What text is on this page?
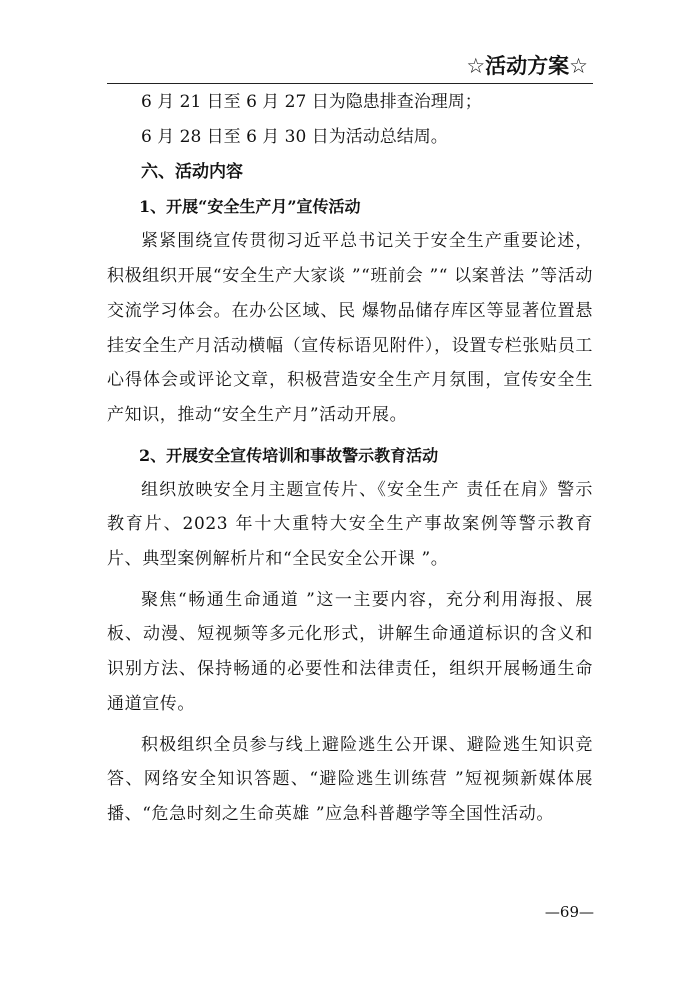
☆活动方案☆

6 月 21 日至 6 月 27 日为隐患排查治理周；

6 月 28 日至 6 月 30 日为活动总结周。

六、活动内容

1、开展“安全生产月”宣传活动

紧紧围绕宣传贯彻习近平总书记关于安全生产重要论述，积极组织开展“安全生产大家谈 ”“班前会 ”“ 以案普法 ”等活动交流学习体会。在办公区域、民 爆物品储存库区等显著位置悬挂安全生产月活动横幅（宣传标语见附件），设置专栏张贴员工心得体会或评论文章，积极营造安全生产月氛围，宣传安全生产知识，推动“安全生产月”活动开展。

2、开展安全宣传培训和事故警示教育活动

组织放映安全月主题宣传片、《安全生产 责任在肩》警示教育片、2023 年十大重特大安全生产事故案例等警示教育片、典型案例解析片和“全民安全公开课 ”。

聚焦“畅通生命通道 ”这一主要内容，充分利用海报、展板、动漫、短视频等多元化形式，讲解生命通道标识的含义和识别方法、保持畅通的必要性和法律责任，组织开展畅通生命通道宣传。

积极组织全员参与线上避险逃生公开课、避险逃生知识竞答、网络安全知识答题、“避险逃生训练营 ”短视频新媒体展播、“危急时刻之生命英雄 ”应急科普趣学等全国性活动。

—69—
